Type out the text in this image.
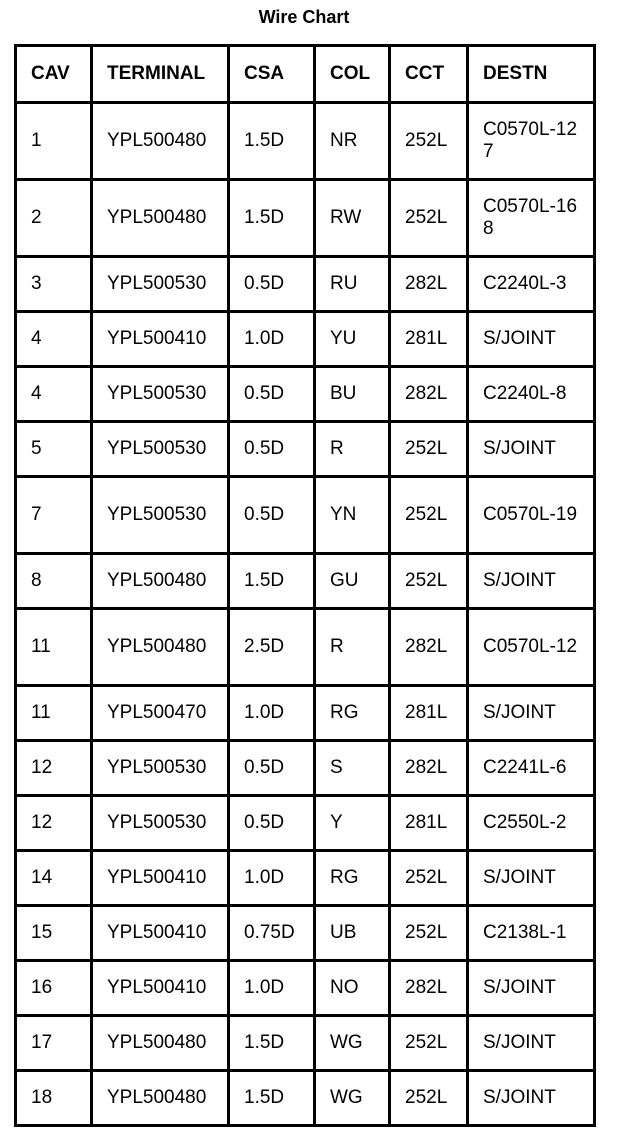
Wire Chart
CAV	TERMINAL	CSA	COL	CCT	DESTN
1	YPL500480	1.5D	NR	252L	C0570L-127
2	YPL500480	1.5D	RW	252L	C0570L-168
3	YPL500530	0.5D	RU	282L	C2240L-3
4	YPL500410	1.0D	YU	281L	S/JOINT
4	YPL500530	0.5D	BU	282L	C2240L-8
5	YPL500530	0.5D	R	252L	S/JOINT
7	YPL500530	0.5D	YN	252L	C0570L-19
8	YPL500480	1.5D	GU	252L	S/JOINT
11	YPL500480	2.5D	R	282L	C0570L-12
11	YPL500470	1.0D	RG	281L	S/JOINT
12	YPL500530	0.5D	S	282L	C2241L-6
12	YPL500530	0.5D	Y	281L	C2550L-2
14	YPL500410	1.0D	RG	252L	S/JOINT
15	YPL500410	0.75D	UB	252L	C2138L-1
16	YPL500410	1.0D	NO	282L	S/JOINT
17	YPL500480	1.5D	WG	252L	S/JOINT
18	YPL500480	1.5D	WG	252L	S/JOINT
